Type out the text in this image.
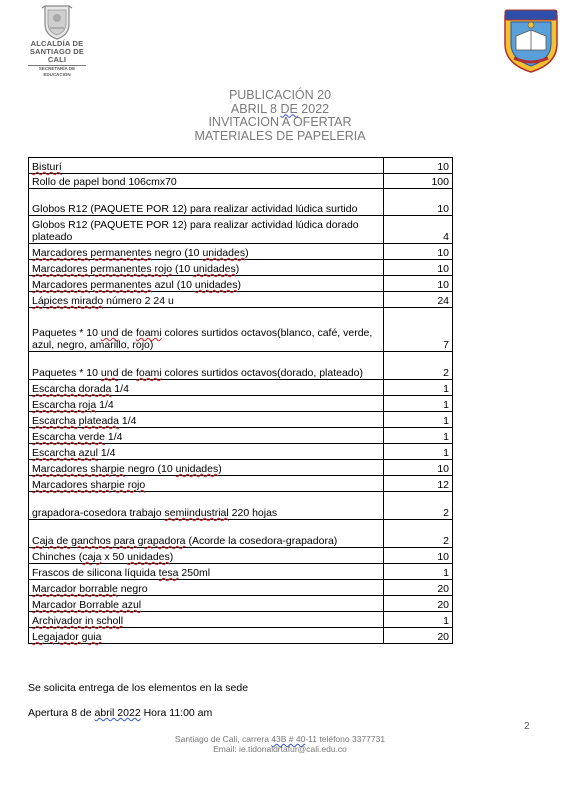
ALCALDÍA DE
SANTIAGO DE CALI
SECRETARÍA DE EDUCACIÓN
PUBLICACIÓN 20
ABRIL 8 DE 2022
INVITACION A OFERTAR
MATERIALES DE PAPELERIA
Bisturí	10
Rollo de papel bond 106cmx70	100
Globos R12 (PAQUETE POR 12) para realizar actividad lúdica surtido	10
Globos R12 (PAQUETE POR 12) para realizar actividad lúdica dorado plateado	4
Marcadores permanentes negro (10 unidades)	10
Marcadores permanentes rojo (10 unidades)	10
Marcadores permanentes azul (10 unidades)	10
Lápices mirado número 2 24 u	24
Paquetes * 10 und de foami colores surtidos octavos(blanco, café, verde, azul, negro, amarillo, rojo)	7
Paquetes * 10 und de foami colores surtidos octavos(dorado, plateado)	2
Escarcha dorada 1/4	1
Escarcha roja 1/4	1
Escarcha plateada 1/4	1
Escarcha verde 1/4	1
Escarcha azul 1/4	1
Marcadores sharpie negro (10 unidades)	10
Marcadores sharpie rojo	12
grapadora-cosedora trabajo semiindustrial 220 hojas	2
Caja de ganchos para grapadora (Acorde la cosedora-grapadora)	2
Chinches (caja x 50 unidades)	10
Frascos de silicona líquida tesa 250ml	1
Marcador borrable negro	20
Marcador Borrable azul	20
Archivador in scholl	1
Legajador guia	20
Se solicita entrega de los elementos en la sede
Apertura 8 de abril 2022 Hora 11:00 am
2
Santiago de Cali, carrera 43B # 40-11 teléfono 3377731
Email: ie.tidonaldrtafur@cali.edu.co
